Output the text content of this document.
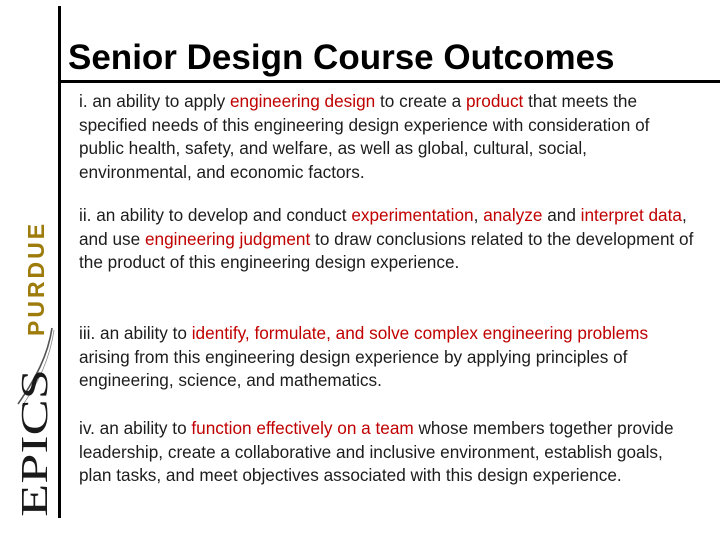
Senior Design Course Outcomes
PURDUE
EPICS
i. an ability to apply engineering design to create a product that meets the specified needs of this engineering design experience with consideration of public health, safety, and welfare, as well as global, cultural, social, environmental, and economic factors.
ii. an ability to develop and conduct experimentation, analyze and interpret data, and use engineering judgment to draw conclusions related to the development of the product of this engineering design experience.
iii. an ability to identify, formulate, and solve complex engineering problems arising from this engineering design experience by applying principles of engineering, science, and mathematics.
iv. an ability to function effectively on a team whose members together provide leadership, create a collaborative and inclusive environment, establish goals, plan tasks, and meet objectives associated with this design experience.
